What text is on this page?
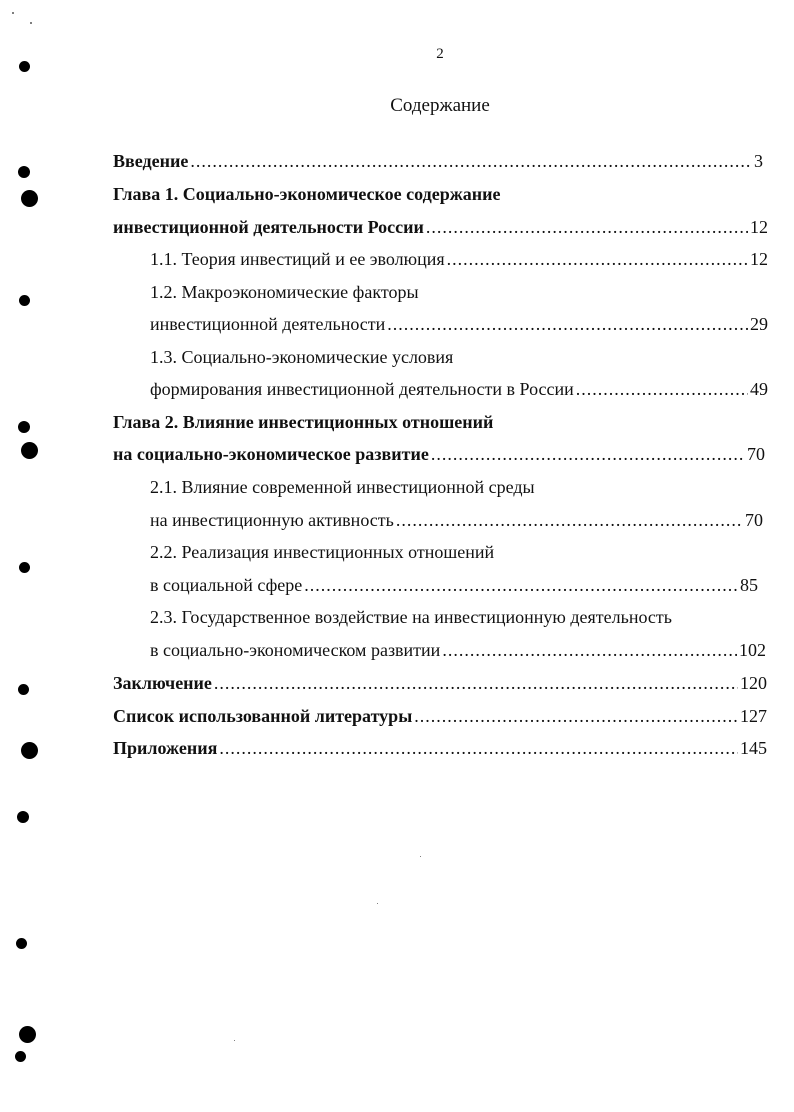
2
Содержание
Введение .....	3
Глава 1. Социально-экономическое содержание
инвестиционной деятельности России .....	12
1.1. Теория инвестиций и ее эволюция .....	12
1.2. Макроэкономические факторы
инвестиционной деятельности .....	29
1.3. Социально-экономические условия
формирования инвестиционной деятельности в России .....	49
Глава 2. Влияние инвестиционных отношений
на социально-экономическое развитие .....	70
2.1. Влияние современной инвестиционной среды
на инвестиционную активность .....	70
2.2. Реализация инвестиционных отношений
в социальной сфере .....	85
2.3. Государственное воздействие на инвестиционную деятельность
в социально-экономическом развитии .....	102
Заключение .....	120
Список использованной литературы .....	127
Приложения .....	145
